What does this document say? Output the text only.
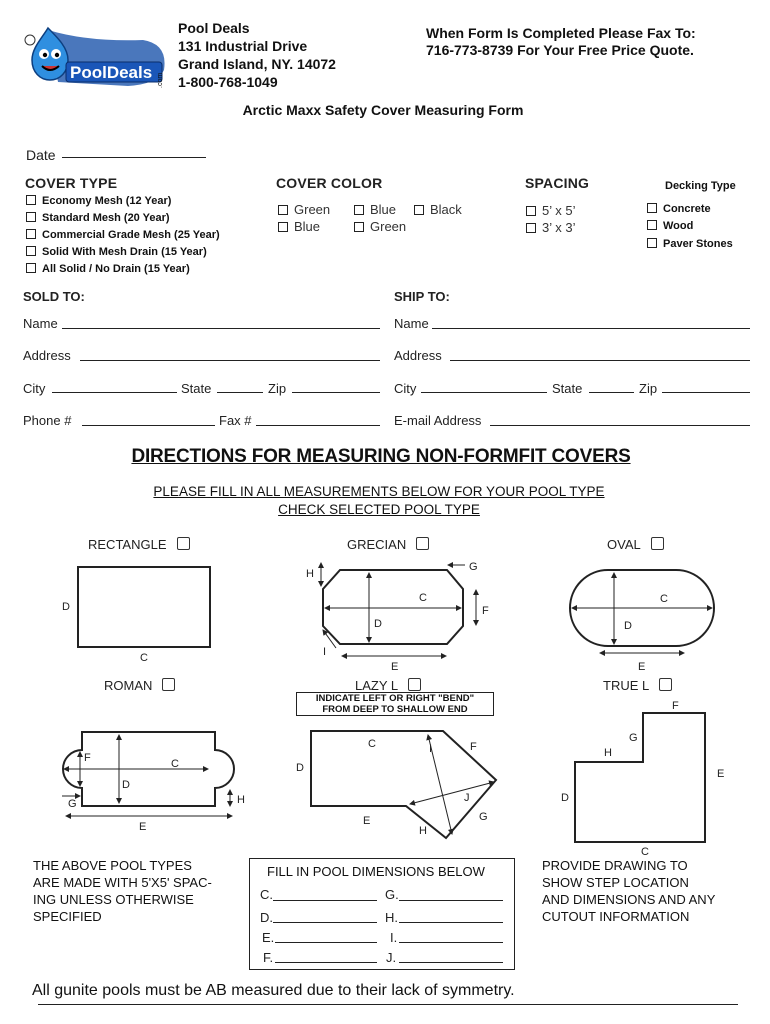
PoolDeals .com
Pool Deals
131 Industrial Drive
Grand Island, NY. 14072
1-800-768-1049
When Form Is Completed Please Fax To:
716-773-8739 For Your Free Price Quote.
Arctic Maxx Safety Cover Measuring Form
Date
COVER TYPE
Economy Mesh (12 Year)
Standard Mesh (20 Year)
Commercial Grade Mesh (25 Year)
Solid With Mesh Drain (15 Year)
All Solid / No Drain (15 Year)
COVER COLOR
Green	Blue	Black
Blue	Green
SPACING
5’ x 5’
3’ x 3’
Decking Type
Concrete
Wood
Paver Stones
SOLD TO:	SHIP TO:
Name	Name
Address	Address
City	State	Zip	City	State	Zip
Phone #	Fax #	E-mail Address
DIRECTIONS FOR MEASURING NON-FORMFIT COVERS
PLEASE FILL IN ALL MEASUREMENTS BELOW FOR YOUR POOL TYPE
CHECK SELECTED POOL TYPE
RECTANGLE	GRECIAN	OVAL
ROMAN	LAZY L	TRUE L
INDICATE LEFT OR RIGHT "BEND"
FROM DEEP TO SHALLOW END
D
C
H
G
C
D
F
I
E
C
D
E
F	C
D
G	H
E
C	I	F
D
J
G
E
H
F
G
H
E
D
C
THE ABOVE POOL TYPES
ARE MADE WITH 5'X5' SPAC-
ING UNLESS OTHERWISE
SPECIFIED
FILL IN POOL DIMENSIONS BELOW
C.	G.
D.	H.
E.	I.
F.	J.
PROVIDE DRAWING TO
SHOW STEP LOCATION
AND DIMENSIONS AND ANY
CUTOUT INFORMATION
All gunite pools must be AB measured due to their lack of symmetry.
